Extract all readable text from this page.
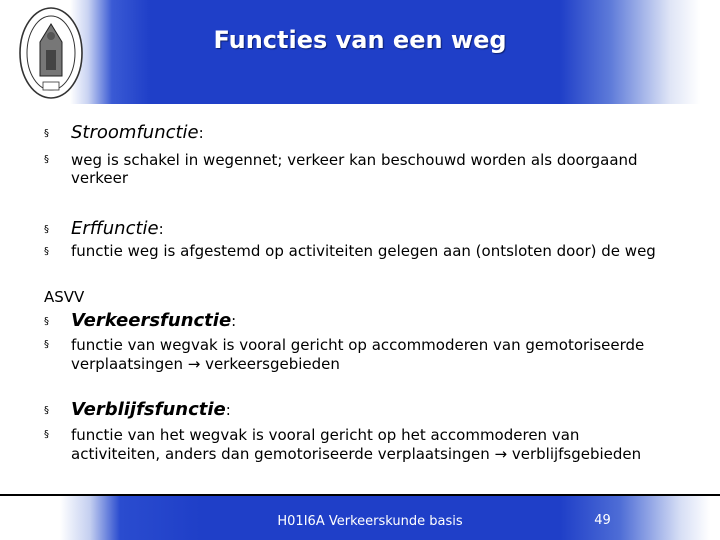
Functies van een weg
§ Stroomfunctie:
§ weg is schakel in wegennet; verkeer kan beschouwd worden als doorgaand
verkeer
§ Erffunctie:
§ functie weg is afgestemd op activiteiten gelegen aan (ontsloten door) de weg
ASVV
§ Verkeersfunctie:
§ functie van wegvak is vooral gericht op accommoderen van gemotoriseerde
verplaatsingen → verkeersgebieden
§ Verblijfsfunctie:
§ functie van het wegvak is vooral gericht op het accommoderen van
activiteiten, anders dan gemotoriseerde verplaatsingen → verblijfsgebieden
H01I6A Verkeerskunde basis	49
